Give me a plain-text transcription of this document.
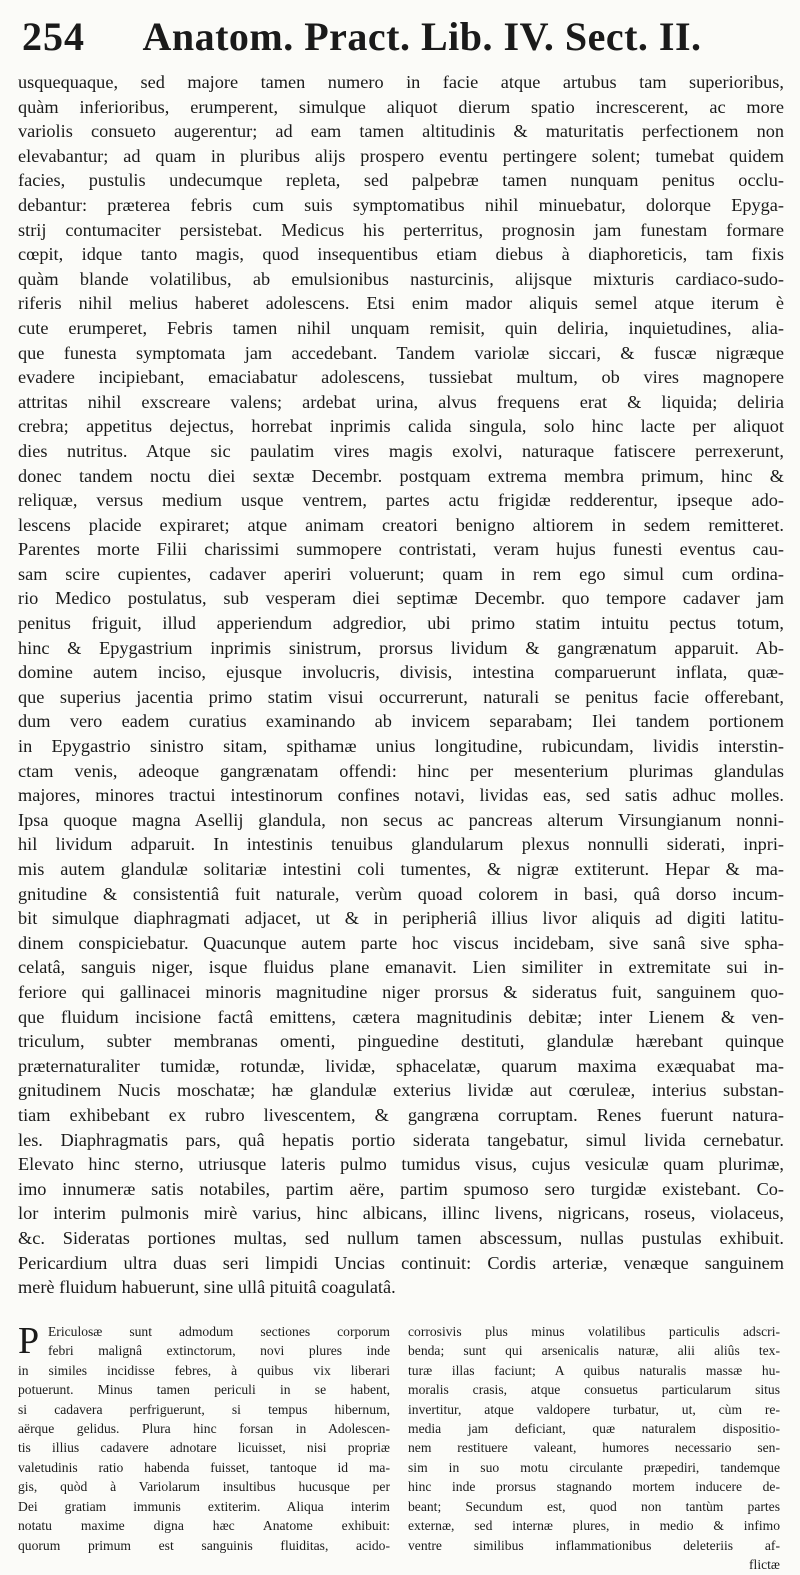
254	Anatom. Pract. Lib. IV. Sect. II.
usquequaque, sed majore tamen numero in facie atque artubus tam superioribus,
quàm inferioribus, erumperent, simulque aliquot dierum spatio increscerent, ac more
variolis consueto augerentur; ad eam tamen altitudinis & maturitatis perfectionem non
elevabantur; ad quam in pluribus alijs prospero eventu pertingere solent; tumebat quidem
facies, pustulis undecumque repleta, sed palpebræ tamen nunquam penitus occlu-
debantur: præterea febris cum suis symptomatibus nihil minuebatur, dolorque Epyga-
strij contumaciter persistebat. Medicus his perterritus, prognosin jam funestam formare
cœpit, idque tanto magis, quod insequentibus etiam diebus à diaphoreticis, tam fixis
quàm blande volatilibus, ab emulsionibus nasturcinis, alijsque mixturis cardiaco-sudo-
riferis nihil melius haberet adolescens. Etsi enim mador aliquis semel atque iterum è
cute erumperet, Febris tamen nihil unquam remisit, quin deliria, inquietudines, alia-
que funesta symptomata jam accedebant. Tandem variolæ siccari, & fuscæ nigræque
evadere incipiebant, emaciabatur adolescens, tussiebat multum, ob vires magnopere
attritas nihil exscreare valens; ardebat urina, alvus frequens erat & liquida; deliria
crebra; appetitus dejectus, horrebat inprimis calida singula, solo hinc lacte per aliquot
dies nutritus. Atque sic paulatim vires magis exolvi, naturaque fatiscere perrexerunt,
donec tandem noctu diei sextæ Decembr. postquam extrema membra primum, hinc &
reliquæ, versus medium usque ventrem, partes actu frigidæ redderentur, ipseque ado-
lescens placide expiraret; atque animam creatori benigno altiorem in sedem remitteret.
Parentes morte Filii charissimi summopere contristati, veram hujus funesti eventus cau-
sam scire cupientes, cadaver aperiri voluerunt; quam in rem ego simul cum ordina-
rio Medico postulatus, sub vesperam diei septimæ Decembr. quo tempore cadaver jam
penitus friguit, illud apperiendum adgredior, ubi primo statim intuitu pectus totum,
hinc & Epygastrium inprimis sinistrum, prorsus lividum & gangrænatum apparuit. Ab-
domine autem inciso, ejusque involucris, divisis, intestina comparuerunt inflata, quæ-
que superius jacentia primo statim visui occurrerunt, naturali se penitus facie offerebant,
dum vero eadem curatius examinando ab invicem separabam; Ilei tandem portionem
in Epygastrio sinistro sitam, spithamæ unius longitudine, rubicundam, lividis interstin-
ctam venis, adeoque gangrænatam offendi: hinc per mesenterium plurimas glandulas
majores, minores tractui intestinorum confines notavi, lividas eas, sed satis adhuc molles.
Ipsa quoque magna Asellij glandula, non secus ac pancreas alterum Virsungianum nonni-
hil lividum adparuit. In intestinis tenuibus glandularum plexus nonnulli siderati, inpri-
mis autem glandulæ solitariæ intestini coli tumentes, & nigræ extiterunt. Hepar & ma-
gnitudine & consistentiâ fuit naturale, verùm quoad colorem in basi, quâ dorso incum-
bit simulque diaphragmati adjacet, ut & in peripheriâ illius livor aliquis ad digiti latitu-
dinem conspiciebatur. Quacunque autem parte hoc viscus incidebam, sive sanâ sive spha-
celatâ, sanguis niger, isque fluidus plane emanavit. Lien similiter in extremitate sui in-
feriore qui gallinacei minoris magnitudine niger prorsus & sideratus fuit, sanguinem quo-
que fluidum incisione factâ emittens, cætera magnitudinis debitæ; inter Lienem & ven-
triculum, subter membranas omenti, pinguedine destituti, glandulæ hærebant quinque
præternaturaliter tumidæ, rotundæ, lividæ, sphacelatæ, quarum maxima exæquabat ma-
gnitudinem Nucis moschatæ; hæ glandulæ exterius lividæ aut cœruleæ, interius substan-
tiam exhibebant ex rubro livescentem, & gangræna corruptam. Renes fuerunt natura-
les. Diaphragmatis pars, quâ hepatis portio siderata tangebatur, simul livida cernebatur.
Elevato hinc sterno, utriusque lateris pulmo tumidus visus, cujus vesiculæ quam plurimæ,
imo innumeræ satis notabiles, partim aëre, partim spumoso sero turgidæ existebant. Co-
lor interim pulmonis mirè varius, hinc albicans, illinc livens, nigricans, roseus, violaceus,
&c. Sideratas portiones multas, sed nullum tamen abscessum, nullas pustulas exhibuit.
Pericardium ultra duas seri limpidi Uncias continuit: Cordis arteriæ, venæque sanguinem
merè fluidum habuerunt, sine ullâ pituitâ coagulatâ.
P Ericulosæ sunt admodum sectiones corporum
febri malignâ extinctorum, novi plures inde
in similes incidisse febres, à quibus vix liberari
potuerunt. Minus tamen periculi in se habent,
si cadavera perfriguerunt, si tempus hibernum,
aërque gelidus. Plura hinc forsan in Adolescen-
tis illius cadavere adnotare licuisset, nisi propriæ
valetudinis ratio habenda fuisset, tantoque id ma-
gis, quòd à Variolarum insultibus hucusque per
Dei gratiam immunis extiterim. Aliqua interim
notatu maxime digna hæc Anatome exhibuit:
quorum primum est sanguinis fluiditas, acido-
corrosivis plus minus volatilibus particulis adscri-
benda; sunt qui arsenicalis naturæ, alii aliûs tex-
turæ illas faciunt; A quibus naturalis massæ hu-
moralis crasis, atque consuetus particularum situs
invertitur, atque valdopere turbatur, ut, cùm re-
media jam deficiant, quæ naturalem dispositio-
nem restituere valeant, humores necessario sen-
sim in suo motu circulante præpediri, tandemque
hinc inde prorsus stagnando mortem inducere de-
beant; Secundum est, quod non tantùm partes
externæ, sed internæ plures, in medio & infimo
ventre similibus inflammationibus deleteriis af-
flictæ
